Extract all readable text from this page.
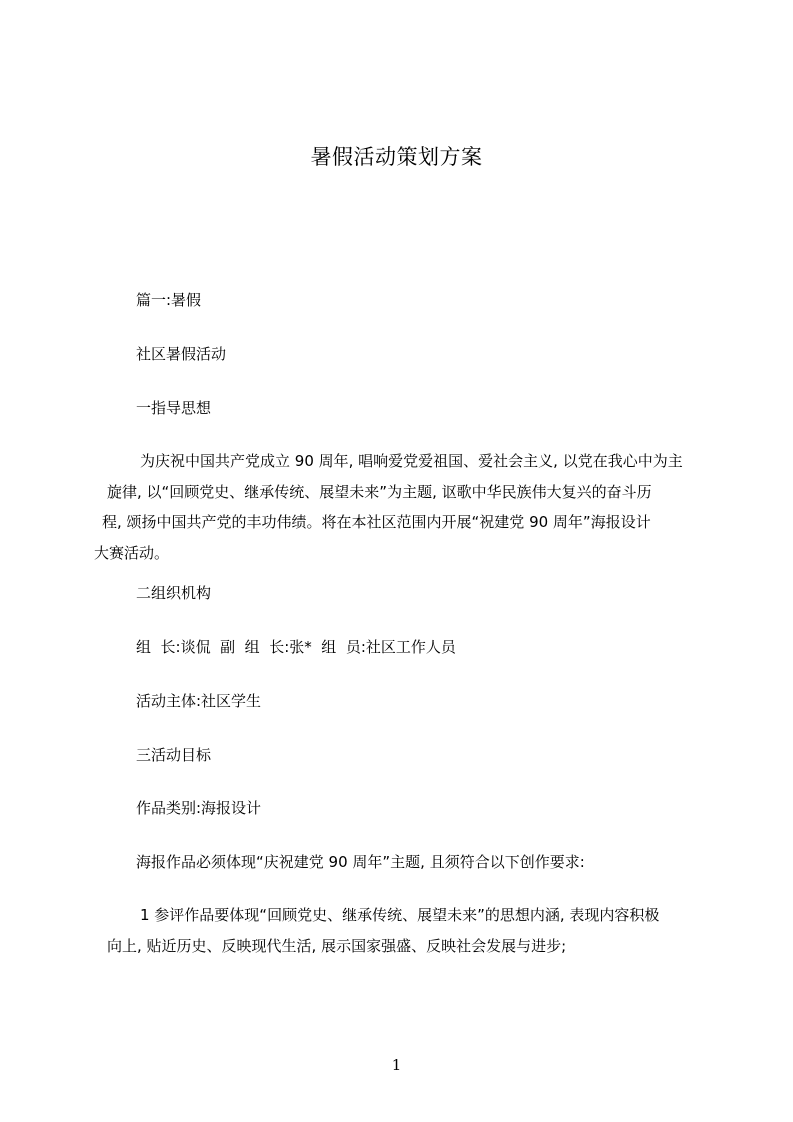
暑假活动策划方案
篇一:暑假
社区暑假活动
一指导思想
为庆祝中国共产党成立 90 周年, 唱响爱党爱祖国、爱社会主义, 以党在我心中为主
旋律, 以“回顾党史、继承传统、展望未来”为主题, 讴歌中华民族伟大复兴的奋斗历
程, 颂扬中国共产党的丰功伟绩。将在本社区范围内开展“祝建党 90 周年”海报设计
大赛活动。
二组织机构
组  长:谈侃  副  组  长:张*  组  员:社区工作人员
活动主体:社区学生
三活动目标
作品类别:海报设计
海报作品必须体现“庆祝建党 90 周年”主题, 且须符合以下创作要求:
1 参评作品要体现“回顾党史、继承传统、展望未来”的思想内涵, 表现内容积极
向上, 贴近历史、反映现代生活, 展示国家强盛、反映社会发展与进步;
1
